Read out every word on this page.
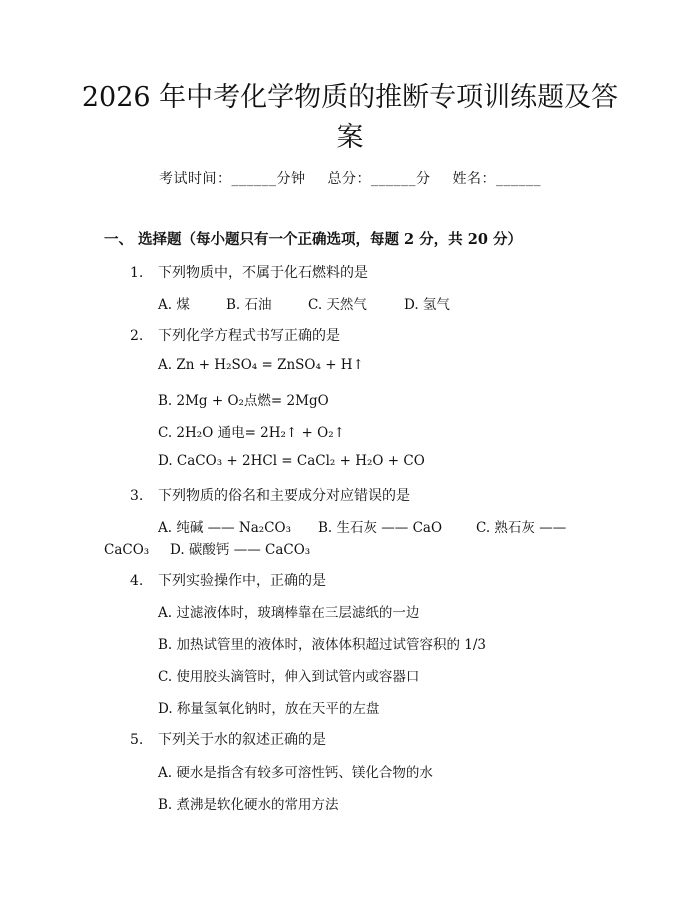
2026 年中考化学物质的推断专项训练题及答案
考试时间：______分钟 总分：______分 姓名：______
一、 选择题（每小题只有一个正确选项，每题 2 分，共 20 分）
1. 下列物质中，不属于化石燃料的是
A. 煤	B. 石油	C. 天然气	D. 氢气
2. 下列化学方程式书写正确的是
A. Zn + H₂SO₄ = ZnSO₄ + H↑
B. 2Mg + O₂点燃= 2MgO
C. 2H₂O 通电= 2H₂↑ + O₂↑
D. CaCO₃ + 2HCl = CaCl₂ + H₂O + CO
3. 下列物质的俗名和主要成分对应错误的是
A. 纯碱 —— Na₂CO₃ B. 生石灰 —— CaO	C. 熟石灰 ——
CaCO₃ D. 碳酸钙 —— CaCO₃
4. 下列实验操作中，正确的是
A. 过滤液体时，玻璃棒靠在三层滤纸的一边
B. 加热试管里的液体时，液体体积超过试管容积的 1/3
C. 使用胶头滴管时，伸入到试管内或容器口
D. 称量氢氧化钠时，放在天平的左盘
5. 下列关于水的叙述正确的是
A. 硬水是指含有较多可溶性钙、镁化合物的水
B. 煮沸是软化硬水的常用方法
